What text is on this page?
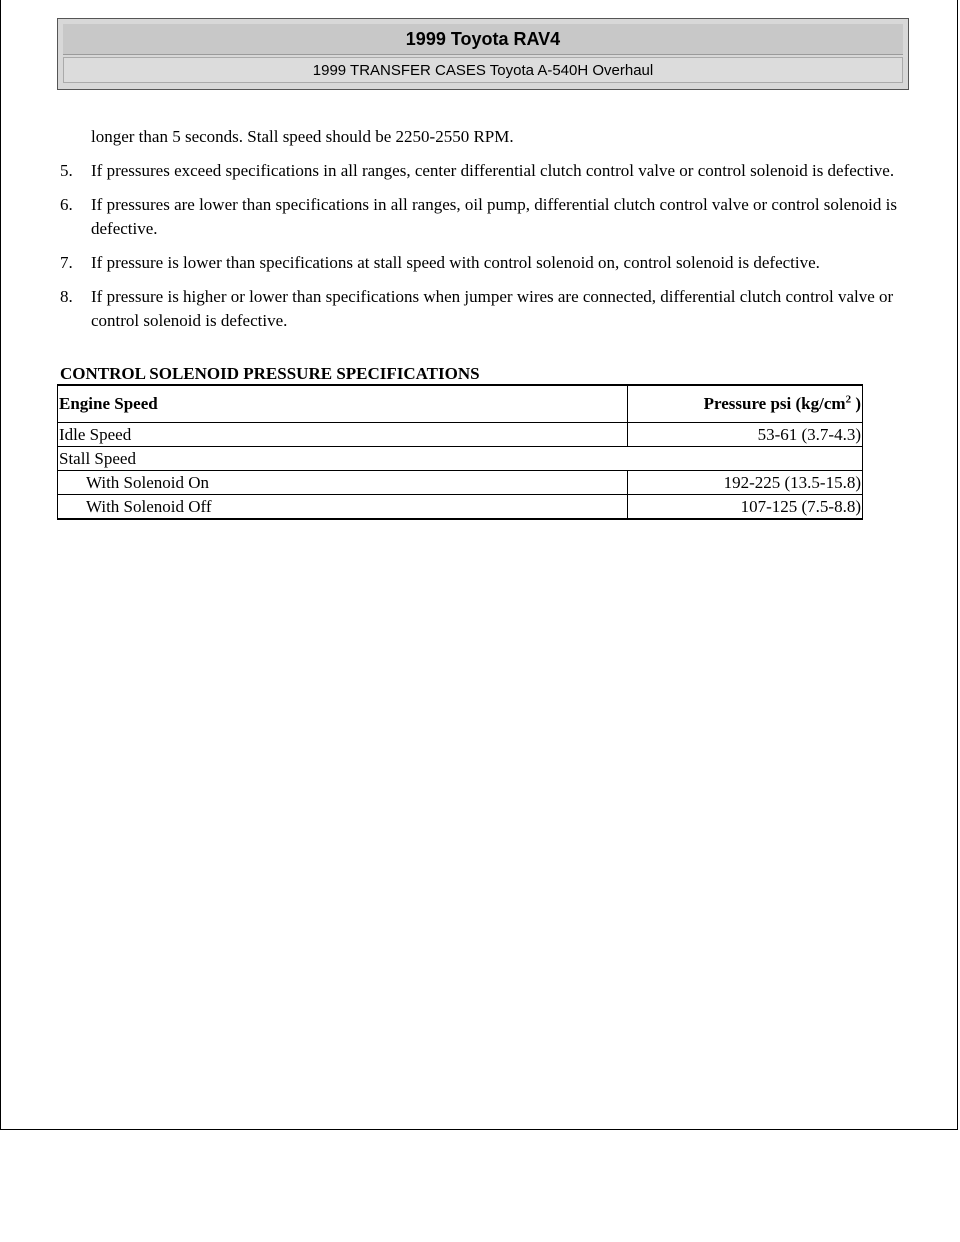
1999 Toyota RAV4
1999 TRANSFER CASES Toyota A-540H Overhaul

longer than 5 seconds. Stall speed should be 2250-2550 RPM.

5.	If pressures exceed specifications in all ranges, center differential clutch control valve or control solenoid is defective.
6.	If pressures are lower than specifications in all ranges, oil pump, differential clutch control valve or control solenoid is defective.
7.	If pressure is lower than specifications at stall speed with control solenoid on, control solenoid is defective.
8.	If pressure is higher or lower than specifications when jumper wires are connected, differential clutch control valve or control solenoid is defective.
CONTROL SOLENOID PRESSURE SPECIFICATIONS
Engine Speed	Pressure psi ($kg/cm^2$ )
Idle Speed	53-61 (3.7-4.3)
Stall Speed	
With Solenoid On	192-225 (13.5-15.8)
With Solenoid Off	107-125 (7.5-8.8)
